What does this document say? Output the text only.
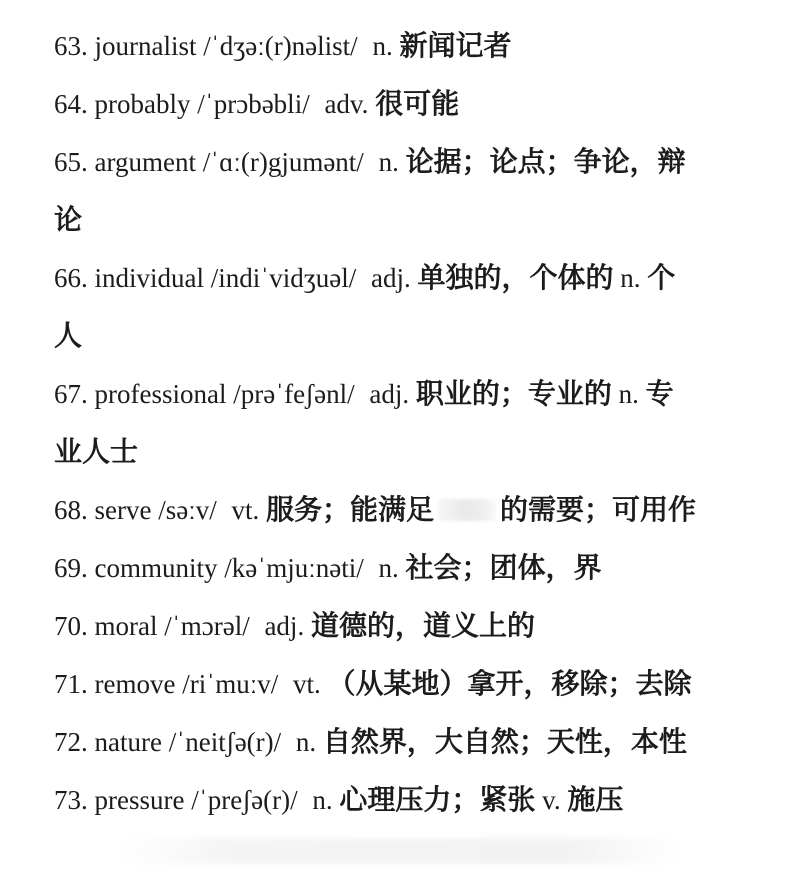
63. journalist /ˈdʒəː(r)nəlist/ n. 新闻记者
64. probably /ˈprɔbəbli/ adv. 很可能
65. argument /ˈɑː(r)gjumənt/ n. 论据；论点；争论，辩
论
66. individual /indiˈvidʒuəl/ adj. 单独的，个体的 n. 个
人
67. professional /prəˈfeʃənl/ adj. 职业的；专业的 n. 专
业人士
68. serve /səːv/ vt. 服务；能满足 的需要；可用作
69. community /kəˈmjuːnəti/ n. 社会；团体，界
70. moral /ˈmɔrəl/ adj. 道德的，道义上的
71. remove /riˈmuːv/ vt. （从某地）拿开，移除；去除
72. nature /ˈneitʃə(r)/ n. 自然界，大自然；天性，本性
73. pressure /ˈpreʃə(r)/ n. 心理压力；紧张 v. 施压
